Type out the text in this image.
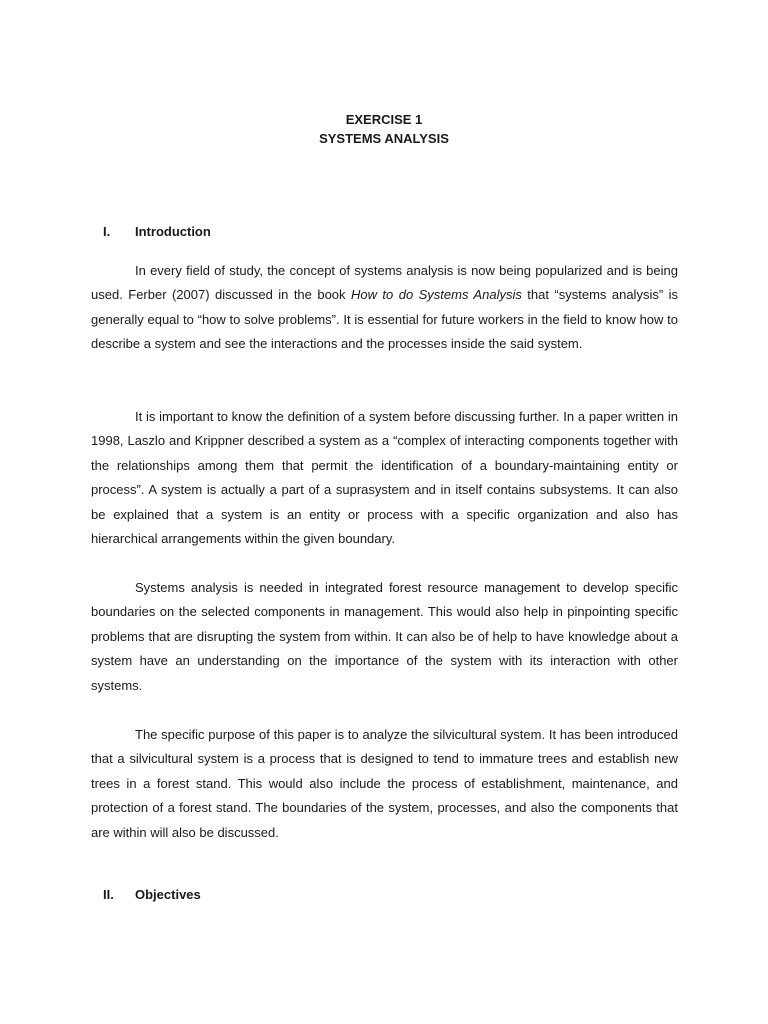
EXERCISE 1
SYSTEMS ANALYSIS
I. Introduction

In every field of study, the concept of systems analysis is now being popularized and is being used. Ferber (2007) discussed in the book How to do Systems Analysis that “systems analysis” is generally equal to “how to solve problems”. It is essential for future workers in the field to know how to describe a system and see the interactions and the processes inside the said system.

It is important to know the definition of a system before discussing further. In a paper written in 1998, Laszlo and Krippner described a system as a “complex of interacting components together with the relationships among them that permit the identification of a boundary-maintaining entity or process”. A system is actually a part of a suprasystem and in itself contains subsystems. It can also be explained that a system is an entity or process with a specific organization and also has hierarchical arrangements within the given boundary.

Systems analysis is needed in integrated forest resource management to develop specific boundaries on the selected components in management. This would also help in pinpointing specific problems that are disrupting the system from within. It can also be of help to have knowledge about a system have an understanding on the importance of the system with its interaction with other systems.

The specific purpose of this paper is to analyze the silvicultural system. It has been introduced that a silvicultural system is a process that is designed to tend to immature trees and establish new trees in a forest stand. This would also include the process of establishment, maintenance, and protection of a forest stand. The boundaries of the system, processes, and also the components that are within will also be discussed.

II. Objectives
